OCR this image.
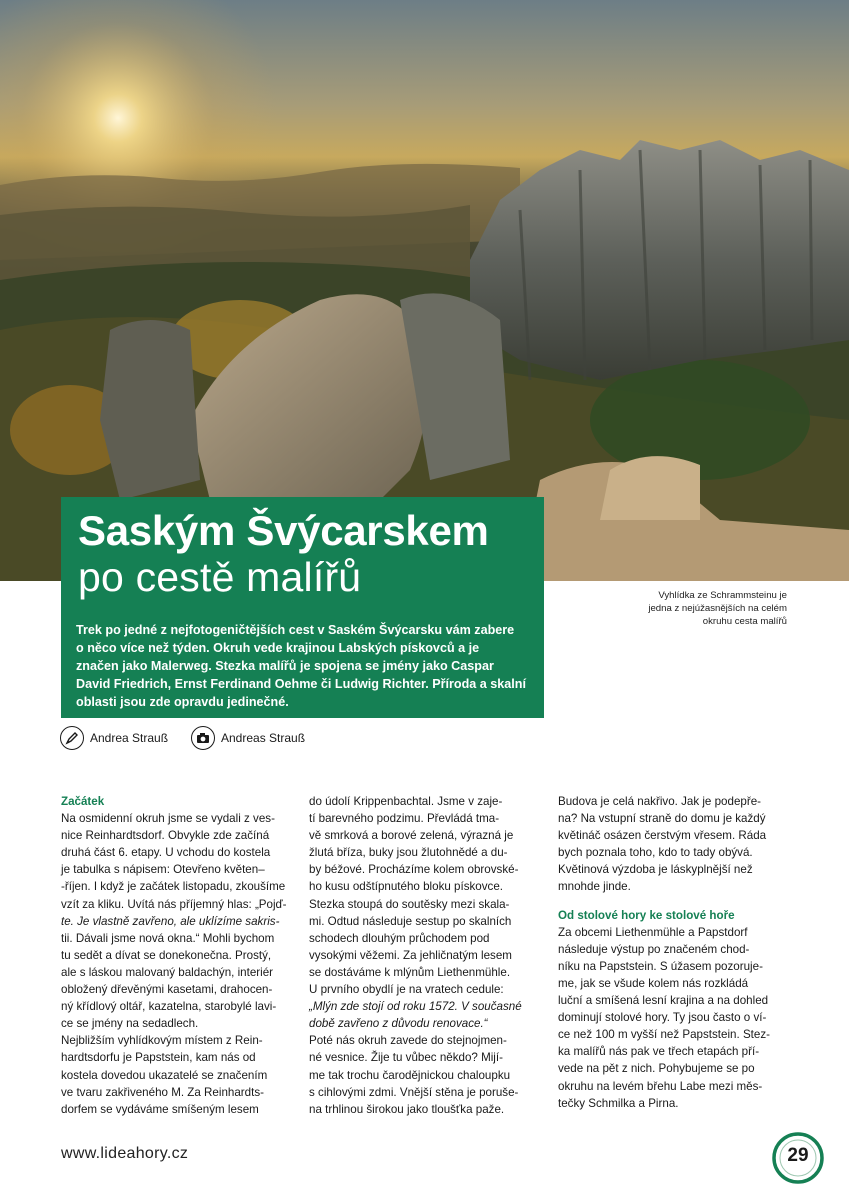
Saským Švýcarskem
po cestě malířů

Trek po jedné z nejfotogeničtějších cest v Saském Švýcarsku vám zabere
o něco více než týden. Okruh vede krajinou Labských pískovců a je
značen jako Malerweg. Stezka malířů je spojena se jmény jako Caspar
David Friedrich, Ernst Ferdinand Oehme či Ludwig Richter. Příroda a skalní
oblasti jsou zde opravdu jedinečné.

Vyhlídka ze Schrammsteinu je
jedna z nejúžasnějších na celém
okruhu cesta malířů
Andrea Strauß	Andreas Strauß
Začátek
Na osmidenní okruh jsme se vydali z ves-
nice Reinhardtsdorf. Obvykle zde začíná
druhá část 6. etapy. U vchodu do kostela
je tabulka s nápisem: Otevřeno květen–
-říjen. I když je začátek listopadu, zkoušíme
vzít za kliku. Uvítá nás příjemný hlas: „Pojď-
te. Je vlastně zavřeno, ale uklízíme sakris-
tii. Dávali jsme nová okna.“ Mohli bychom
tu sedět a dívat se donekonečna. Prostý,
ale s láskou malovaný baldachýn, interiér
obložený dřevěnými kasetami, drahocen-
ný křídlový oltář, kazatelna, starobylé lavi-
ce se jmény na sedadlech.
Nejbližším vyhlídkovým místem z Rein-
hardtsdorfu je Papststein, kam nás od
kostela dovedou ukazatelé se značením
ve tvaru zakřiveného M. Za Reinhardts-
dorfem se vydáváme smíšeným lesem
do údolí Krippenbachtal. Jsme v zaje-
tí barevného podzimu. Převládá tma-
vě smrková a borové zelená, výrazná je
žlutá bříza, buky jsou žlutohnědé a du-
by béžové. Procházíme kolem obrovské-
ho kusu odštípnutého bloku pískovce.
Stezka stoupá do soutěsky mezi skala-
mi. Odtud následuje sestup po skalních
schodech dlouhým průchodem pod
vysokými věžemi. Za jehličnatým lesem
se dostáváme k mlýnům Liethenmühle.
U prvního obydlí je na vratech cedule:
„Mlýn zde stojí od roku 1572. V současné
době zavřeno z důvodu renovace.“
Poté nás okruh zavede do stejnojmen-
né vesnice. Žije tu vůbec někdo? Mijí-
me tak trochu čarodějnickou chaloupku
s cihlovými zdmi. Vnější stěna je poruše-
na trhlinou širokou jako tloušťka paže.
Budova je celá nakřivo. Jak je podepře-
na? Na vstupní straně do domu je každý
květináč osázen čerstvým vřesem. Ráda
bych poznala toho, kdo to tady obývá.
Květinová výzdoba je láskyplnější než
mnohde jinde.
Od stolové hory ke stolové hoře
Za obcemi Liethenmühle a Papstdorf
následuje výstup po značeném chod-
níku na Papststein. S úžasem pozoruje-
me, jak se všude kolem nás rozkládá
luční a smíšená lesní krajina a na dohled
dominují stolové hory. Ty jsou často o ví-
ce než 100 m vyšší než Papststein. Stez-
ka malířů nás pak ve třech etapách pří-
vede na pět z nich. Pohybujeme se po
okruhu na levém břehu Labe mezi měs-
tečky Schmilka a Pirna.
www.lideahory.cz	29
